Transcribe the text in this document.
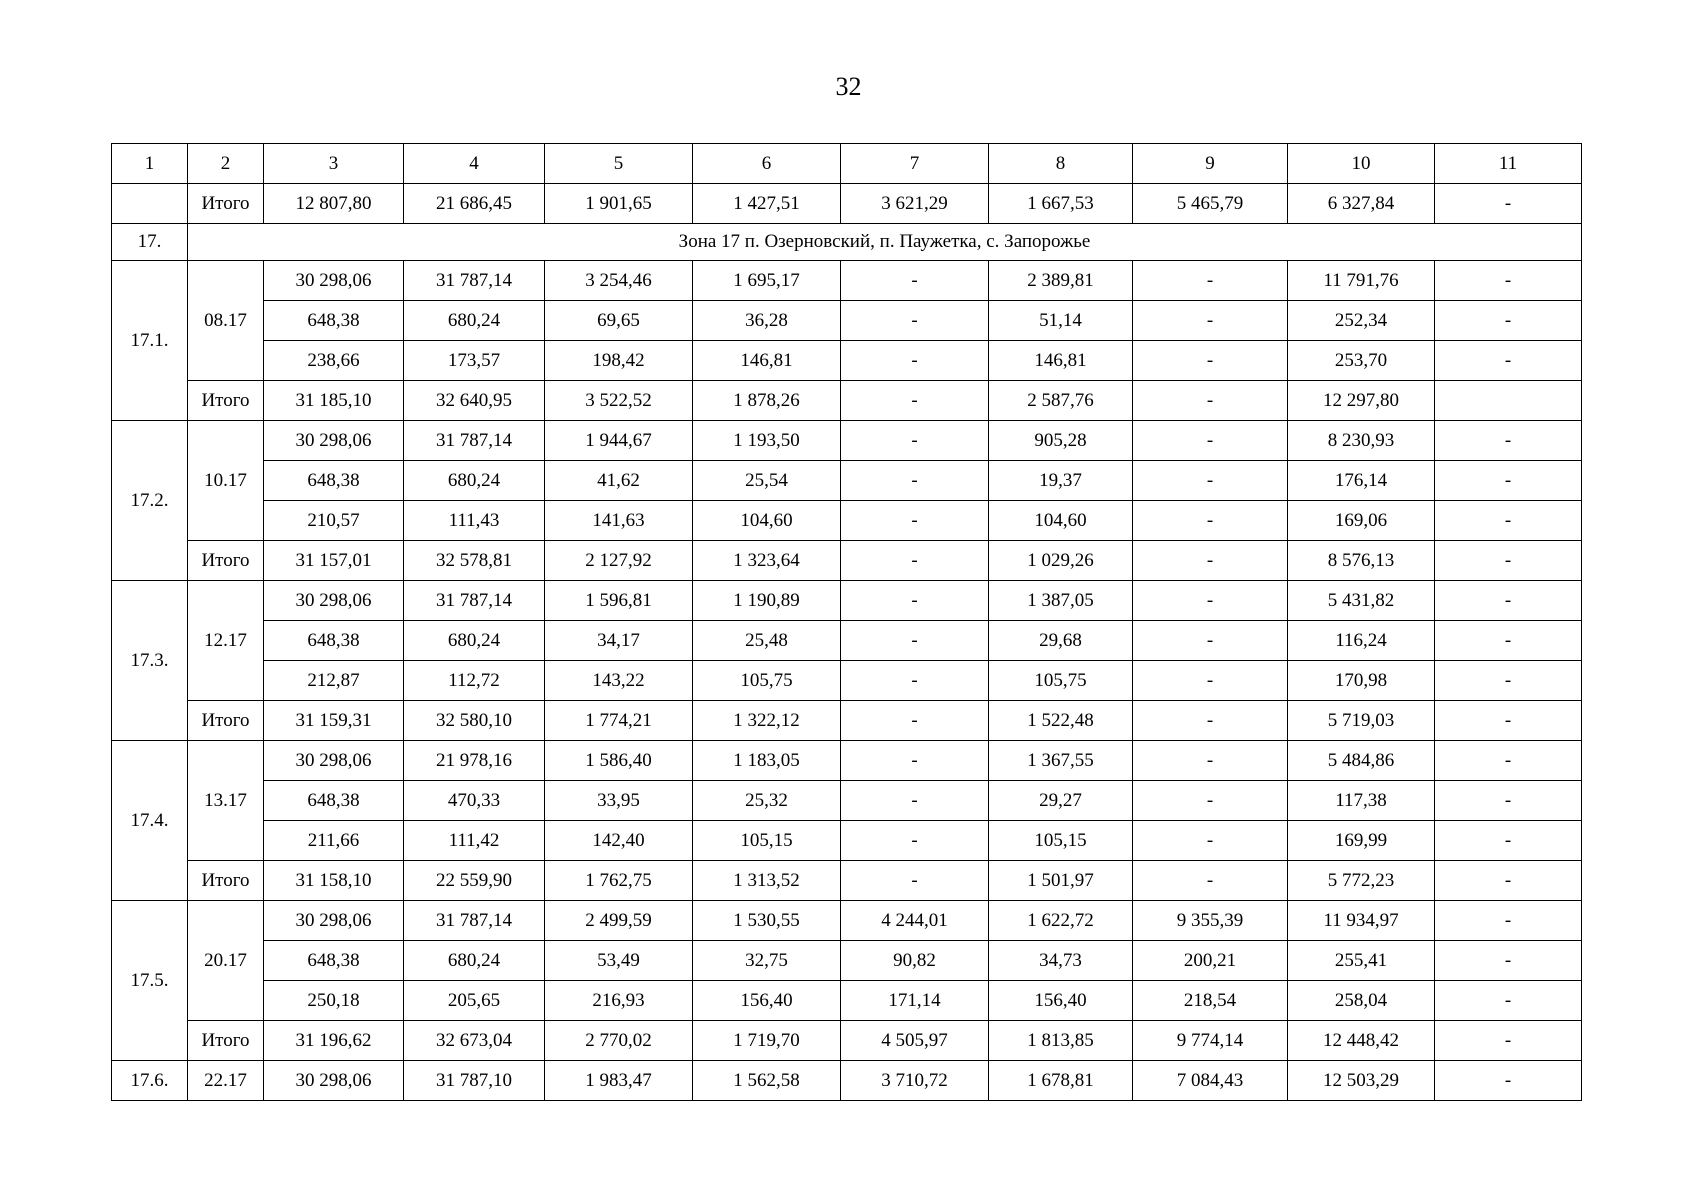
32
1	2	3	4	5	6	7	8	9	10	11
	Итого	12 807,80	21 686,45	1 901,65	1 427,51	3 621,29	1 667,53	5 465,79	6 327,84	-
17.	Зона 17 п. Озерновский, п. Паужетка, с. Запорожье									
17.1.	08.17	30 298,06	31 787,14	3 254,46	1 695,17	-	2 389,81	-	11 791,76	-
		648,38	680,24	69,65	36,28	-	51,14	-	252,34	-
		238,66	173,57	198,42	146,81	-	146,81	-	253,70	-
	Итого	31 185,10	32 640,95	3 522,52	1 878,26	-	2 587,76	-	12 297,80	
17.2.	10.17	30 298,06	31 787,14	1 944,67	1 193,50	-	905,28	-	8 230,93	-
		648,38	680,24	41,62	25,54	-	19,37	-	176,14	-
		210,57	111,43	141,63	104,60	-	104,60	-	169,06	-
	Итого	31 157,01	32 578,81	2 127,92	1 323,64	-	1 029,26	-	8 576,13	-
17.3.	12.17	30 298,06	31 787,14	1 596,81	1 190,89	-	1 387,05	-	5 431,82	-
		648,38	680,24	34,17	25,48	-	29,68	-	116,24	-
		212,87	112,72	143,22	105,75	-	105,75	-	170,98	-
	Итого	31 159,31	32 580,10	1 774,21	1 322,12	-	1 522,48	-	5 719,03	-
17.4.	13.17	30 298,06	21 978,16	1 586,40	1 183,05	-	1 367,55	-	5 484,86	-
		648,38	470,33	33,95	25,32	-	29,27	-	117,38	-
		211,66	111,42	142,40	105,15	-	105,15	-	169,99	-
	Итого	31 158,10	22 559,90	1 762,75	1 313,52	-	1 501,97	-	5 772,23	-
17.5.	20.17	30 298,06	31 787,14	2 499,59	1 530,55	4 244,01	1 622,72	9 355,39	11 934,97	-
		648,38	680,24	53,49	32,75	90,82	34,73	200,21	255,41	-
		250,18	205,65	216,93	156,40	171,14	156,40	218,54	258,04	-
	Итого	31 196,62	32 673,04	2 770,02	1 719,70	4 505,97	1 813,85	9 774,14	12 448,42	-
17.6.	22.17	30 298,06	31 787,10	1 983,47	1 562,58	3 710,72	1 678,81	7 084,43	12 503,29	-
